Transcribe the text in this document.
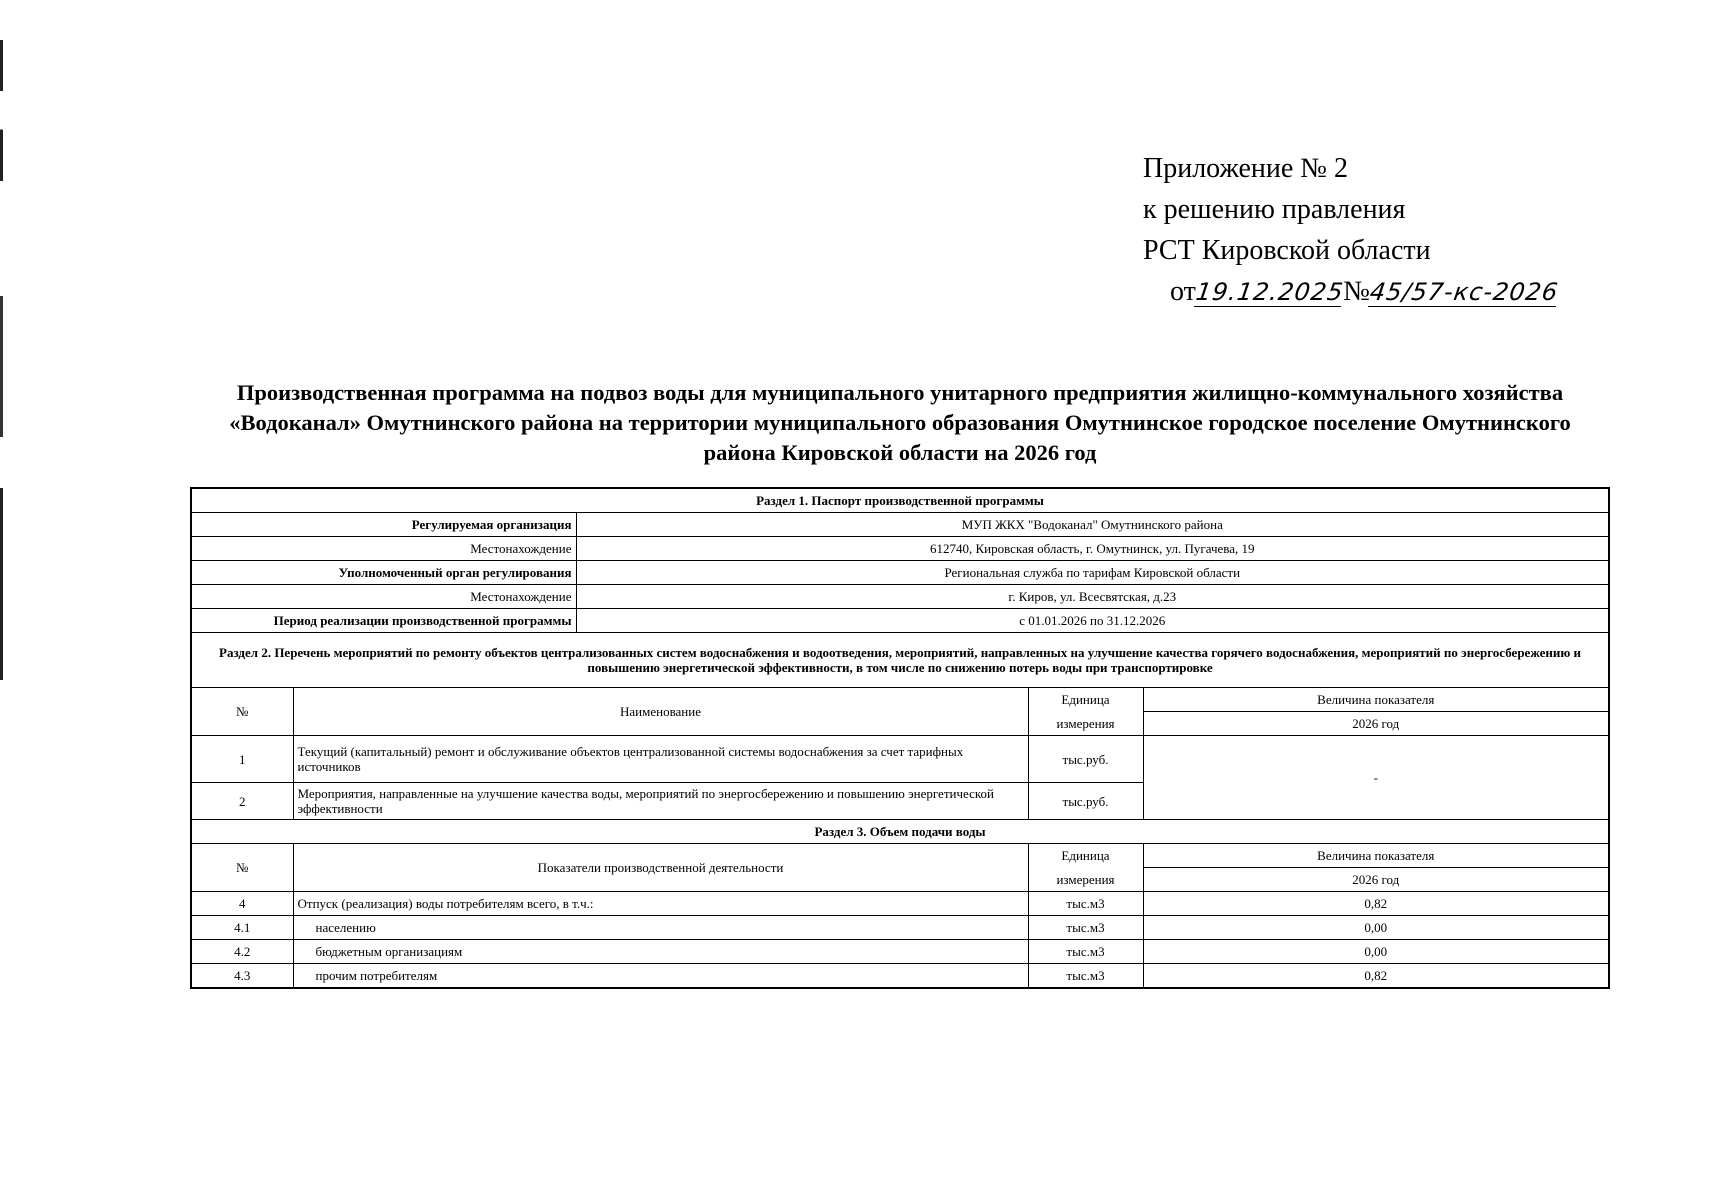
Приложение № 2
к решению правления
РСТ Кировской области
от19.12.2025№45/57-кс-2026
Производственная программа на подвоз воды для муниципального унитарного предприятия жилищно-коммунального хозяйства «Водоканал» Омутнинского района на территории муниципального образования Омутнинское городское поселение Омутнинского района Кировской области на 2026 год
Раздел 1. Паспорт производственной программы				
Регулируемая организация		МУП ЖКХ "Водоканал" Омутнинского района		
Местонахождение		612740, Кировская область, г. Омутнинск, ул. Пугачева, 19		
Уполномоченный орган регулирования		Региональная служба по тарифам Кировской области		
Местонахождение		г. Киров, ул. Всесвятская, д.23		
Период реализации производственной программы		с 01.01.2026 по 31.12.2026		
Раздел 2. Перечень мероприятий по ремонту объектов централизованных систем водоснабжения и водоотведения, мероприятий, направленных на улучшение качества горячего водоснабжения, мероприятий по энергосбережению и повышению энергетической эффективности, в том числе по снижению потерь воды при транспортировке				
№	Наименование		Единица	Величина показателя
			измерения	2026 год
1	Текущий (капитальный) ремонт и обслуживание объектов централизованной системы водоснабжения за счет тарифных источников		тыс.руб.	-
2	Мероприятия, направленные на улучшение качества воды, мероприятий по энергосбережению и повышению энергетической эффективности		тыс.руб.	
Раздел 3. Объем подачи воды				
№	Показатели производственной деятельности		Единица	Величина показателя
			измерения	2026 год
4	Отпуск (реализация) воды потребителям всего, в т.ч.:		тыс.м3	0,82
4.1	населению		тыс.м3	0,00
4.2	бюджетным организациям		тыс.м3	0,00
4.3	прочим потребителям		тыс.м3	0,82
